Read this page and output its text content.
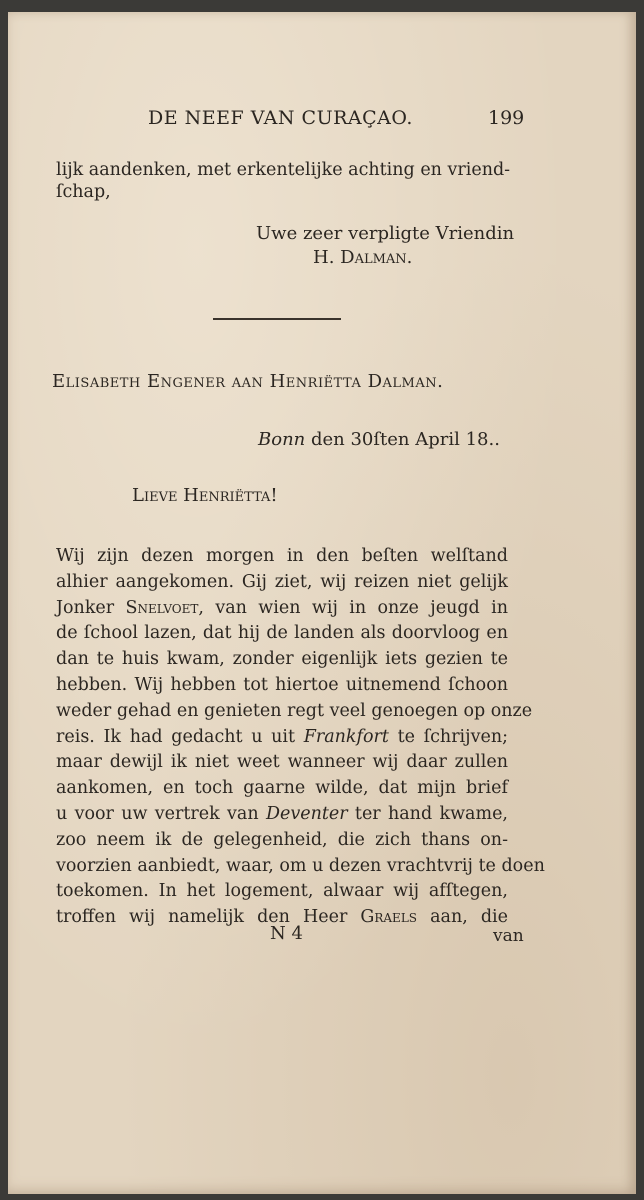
DE NEEF VAN CURAÇAO.	199
lijk aandenken, met erkentelijke achting en vriend-
ſchap,
Uwe zeer verpligte Vriendin
H. Dalman.
Elisabeth Engener aan Henriëtta Dalman.
Bonn den 30ſten April 18..
Lieve Henriëtta!
Wij zijn dezen morgen in den beſten welſtand
alhier aangekomen. Gij ziet, wij reizen niet gelijk
Jonker Snelvoet, van wien wij in onze jeugd in
de ſchool lazen, dat hij de landen als doorvloog en
dan te huis kwam, zonder eigenlijk iets gezien te
hebben. Wij hebben tot hiertoe uitnemend ſchoon
weder gehad en genieten regt veel genoegen op onze
reis. Ik had gedacht u uit Frankfort te ſchrijven;
maar dewijl ik niet weet wanneer wij daar zullen
aankomen, en toch gaarne wilde, dat mijn brief
u voor uw vertrek van Deventer ter hand kwame,
zoo neem ik de gelegenheid, die zich thans on-
voorzien aanbiedt, waar, om u dezen vrachtvrij te doen
toekomen. In het logement, alwaar wij afſtegen,
troffen wij namelijk den Heer Graels aan, die
N 4	van
